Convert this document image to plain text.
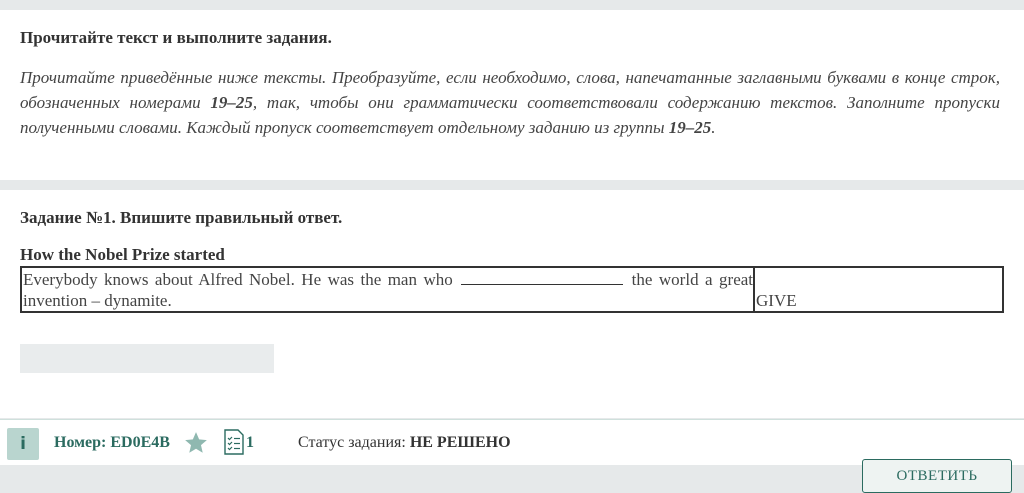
Прочитайте текст и выполните задания.
Прочитайте приведённые ниже тексты. Преобразуйте, если необходимо, слова, напечатанные заглавными буквами в конце строк, обозначенных номерами 19–25, так, чтобы они грамматически соответствовали содержанию текстов. Заполните пропуски полученными словами. Каждый пропуск соответствует отдельному заданию из группы 19–25.
Задание №1. Впишите правильный ответ.
How the Nobel Prize started
Everybody knows about Alfred Nobel. He was the man who	the world a great invention – dynamite.	GIVE
i Номер: ED0E4B	1	Статус задания: НЕ РЕШЕНО
ОТВЕТИТЬ
